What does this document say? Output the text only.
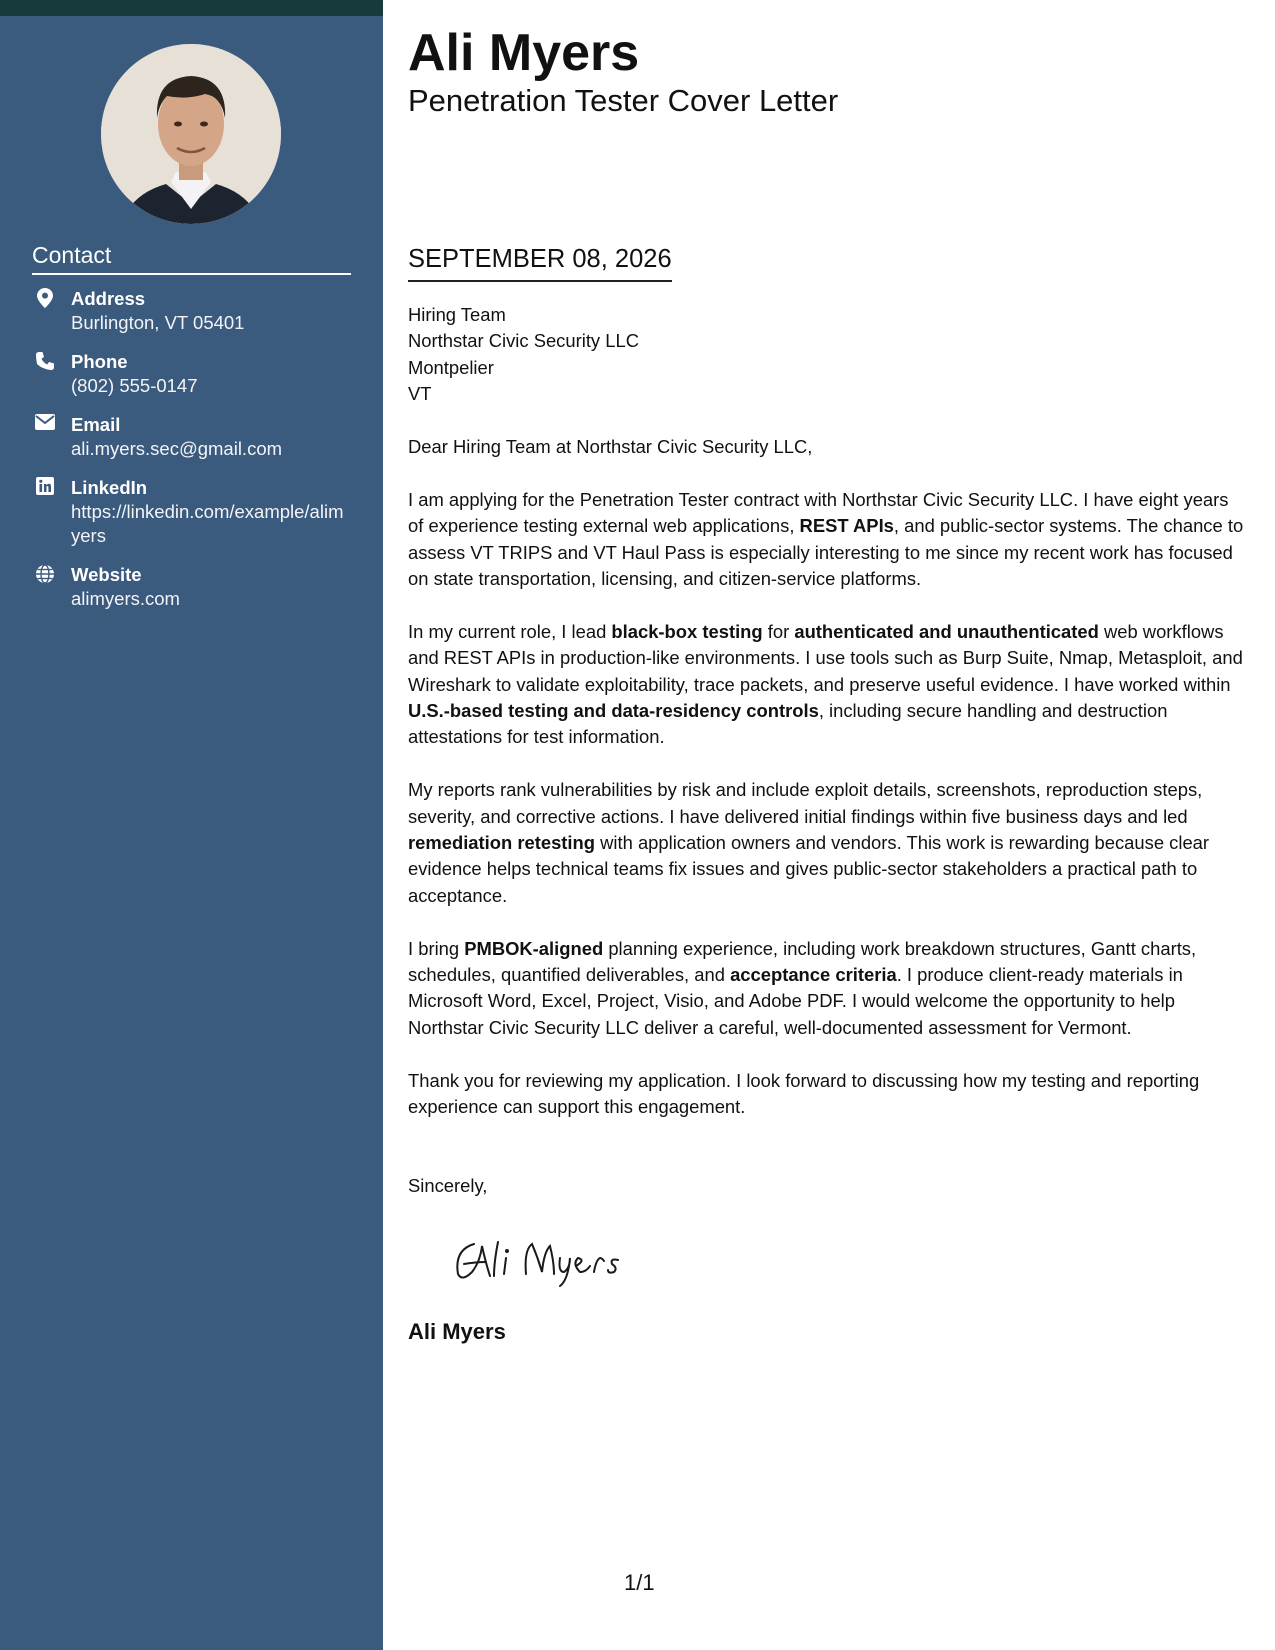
Contact
Address
Burlington, VT 05401
Phone
(802) 555-0147
Email
ali.myers.sec@gmail.com
LinkedIn
https://linkedin.com/example/alimyers
Website
alimyers.com
Ali Myers
Penetration Tester Cover Letter
SEPTEMBER 08, 2026
Hiring Team
Northstar Civic Security LLC
Montpelier
VT

Dear Hiring Team at Northstar Civic Security LLC,

I am applying for the Penetration Tester contract with Northstar Civic Security LLC. I have eight years of experience testing external web applications, REST APIs, and public-sector systems. The chance to assess VT TRIPS and VT Haul Pass is especially interesting to me since my recent work has focused on state transportation, licensing, and citizen-service platforms.

In my current role, I lead black-box testing for authenticated and unauthenticated web workflows and REST APIs in production-like environments. I use tools such as Burp Suite, Nmap, Metasploit, and Wireshark to validate exploitability, trace packets, and preserve useful evidence. I have worked within U.S.-based testing and data-residency controls, including secure handling and destruction attestations for test information.

My reports rank vulnerabilities by risk and include exploit details, screenshots, reproduction steps, severity, and corrective actions. I have delivered initial findings within five business days and led remediation retesting with application owners and vendors. This work is rewarding because clear evidence helps technical teams fix issues and gives public-sector stakeholders a practical path to acceptance.

I bring PMBOK-aligned planning experience, including work breakdown structures, Gantt charts, schedules, quantified deliverables, and acceptance criteria. I produce client-ready materials in Microsoft Word, Excel, Project, Visio, and Adobe PDF. I would welcome the opportunity to help Northstar Civic Security LLC deliver a careful, well-documented assessment for Vermont.

Thank you for reviewing my application. I look forward to discussing how my testing and reporting experience can support this engagement.

Sincerely,

Ali Myers
1/1
